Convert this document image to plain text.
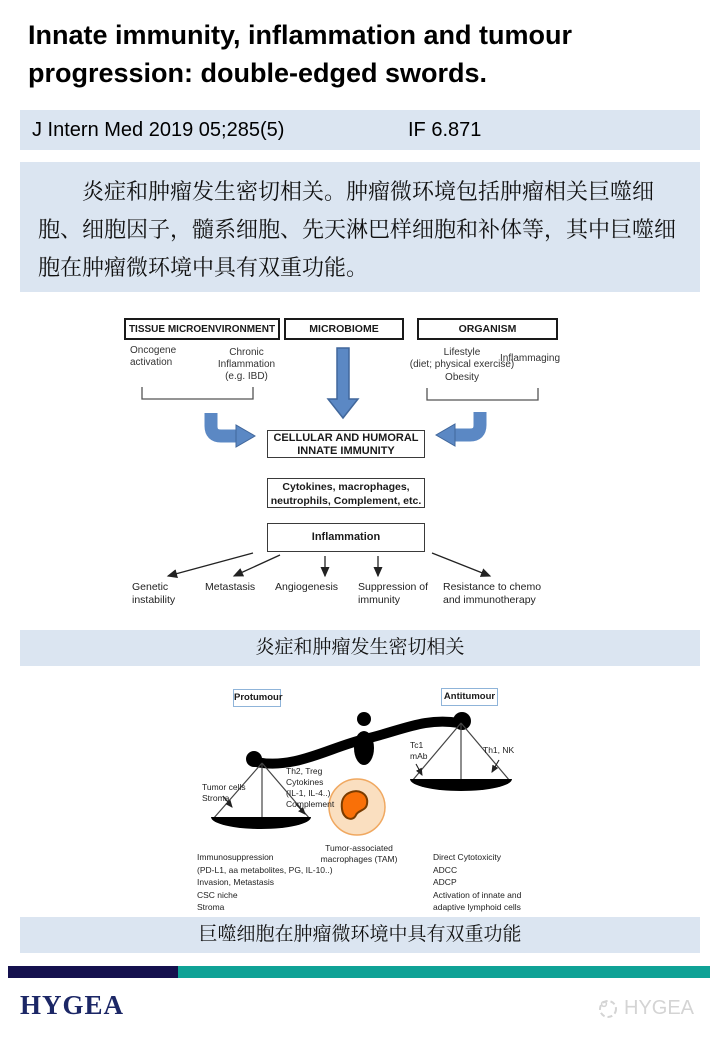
Innate immunity, inflammation and tumour
progression: double-edged swords.
J Intern Med 2019 05;285(5)	IF 6.871
炎症和肿瘤发生密切相关。肿瘤微环境包括肿瘤相关巨噬细胞、细胞因子，髓系细胞、先天淋巴样细胞和补体等，其中巨噬细胞在肿瘤微环境中具有双重功能。
TISSUE MICROENVIRONMENT	MICROBIOME	ORGANISM
Oncogene activation
Chronic Inflammation (e.g. IBD)
Lifestyle
(diet; physical exercise)
Obesity
Inflammaging
CELLULAR AND HUMORAL INNATE IMMUNITY
Cytokines, macrophages, neutrophils, Complement, etc.
Inflammation
Genetic instability
Metastasis	Angiogenesis	Suppression of immunity
Resistance to chemo and immunotherapy
炎症和肿瘤发生密切相关
Protumour	Antitumour
Tumor cells
Stroma
Th2, Treg
Cytokines
(IL-1, IL-4..)
Complement
Tc1
mAb
Th1, NK
Tumor-associated
macrophages (TAM)
Immunosuppression
(PD-L1, aa metabolites, PG, IL-10..)
Invasion, Metastasis
CSC niche
Stroma
Direct Cytotoxicity
ADCC
ADCP
Activation of innate and
adaptive lymphoid cells
巨噬细胞在肿瘤微环境中具有双重功能
HYGEA	HYGEA
